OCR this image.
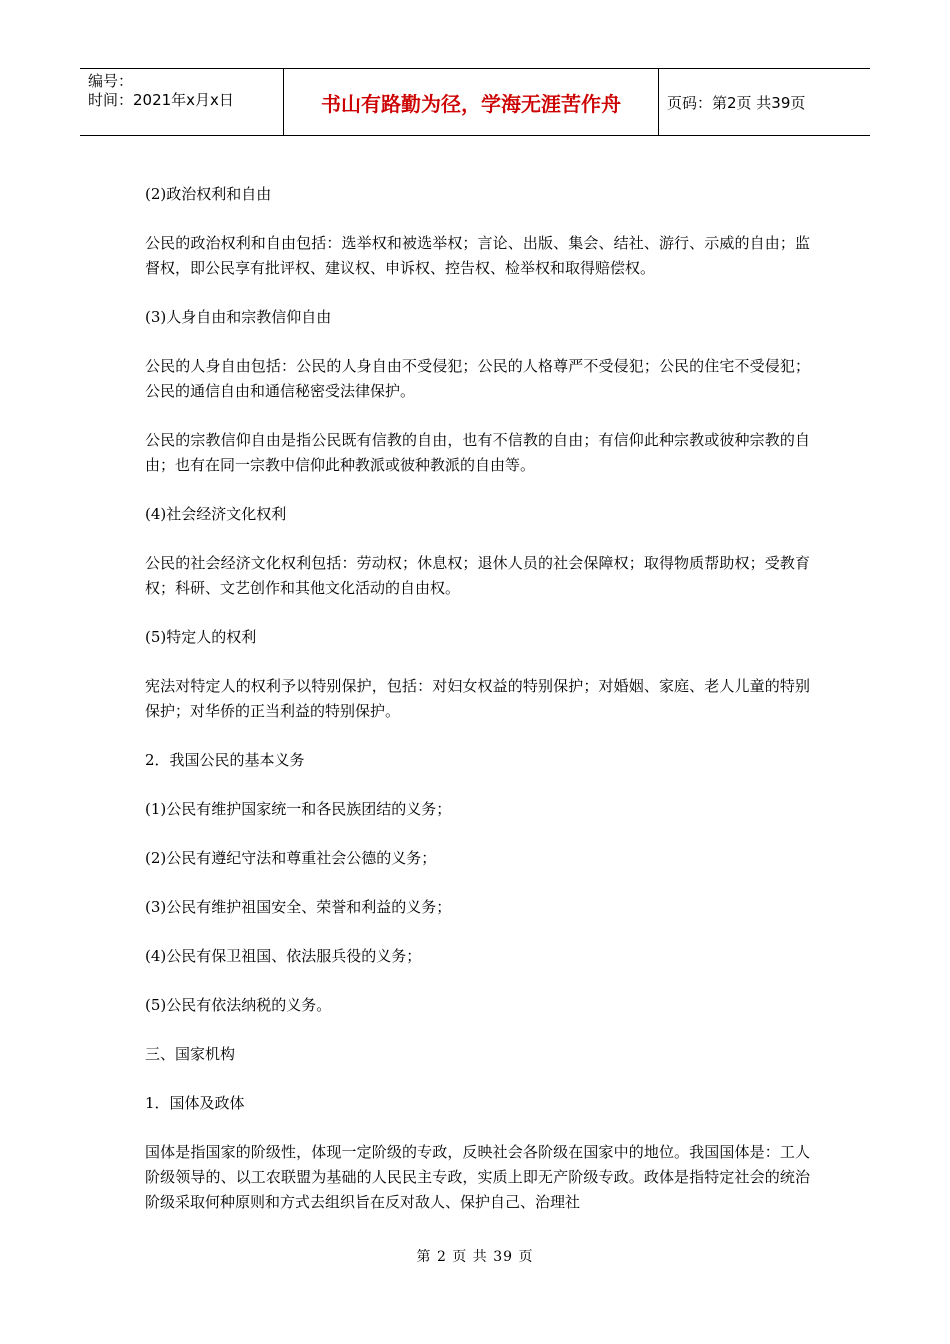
编号：
时间：2021年x月x日	书山有路勤为径，学海无涯苦作舟	页码：第2页 共39页

(2)政治权利和自由

公民的政治权利和自由包括：选举权和被选举权；言论、出版、集会、结社、游行、示威的自由；监督权，即公民享有批评权、建议权、申诉权、控告权、检举权和取得赔偿权。

(3)人身自由和宗教信仰自由

公民的人身自由包括：公民的人身自由不受侵犯；公民的人格尊严不受侵犯；公民的住宅不受侵犯；公民的通信自由和通信秘密受法律保护。

公民的宗教信仰自由是指公民既有信教的自由，也有不信教的自由；有信仰此种宗教或彼种宗教的自由；也有在同一宗教中信仰此种教派或彼种教派的自由等。

(4)社会经济文化权利

公民的社会经济文化权利包括：劳动权；休息权；退休人员的社会保障权；取得物质帮助权；受教育权；科研、文艺创作和其他文化活动的自由权。

(5)特定人的权利

宪法对特定人的权利予以特别保护，包括：对妇女权益的特别保护；对婚姻、家庭、老人儿童的特别保护；对华侨的正当利益的特别保护。

2．我国公民的基本义务

(1)公民有维护国家统一和各民族团结的义务；

(2)公民有遵纪守法和尊重社会公德的义务；

(3)公民有维护祖国安全、荣誉和利益的义务；

(4)公民有保卫祖国、依法服兵役的义务；

(5)公民有依法纳税的义务。

三、国家机构

1．国体及政体

国体是指国家的阶级性，体现一定阶级的专政，反映社会各阶级在国家中的地位。我国国体是：工人阶级领导的、以工农联盟为基础的人民民主专政，实质上即无产阶级专政。政体是指特定社会的统治阶级采取何种原则和方式去组织旨在反对敌人、保护自己、治理社

第 2 页 共 39 页
